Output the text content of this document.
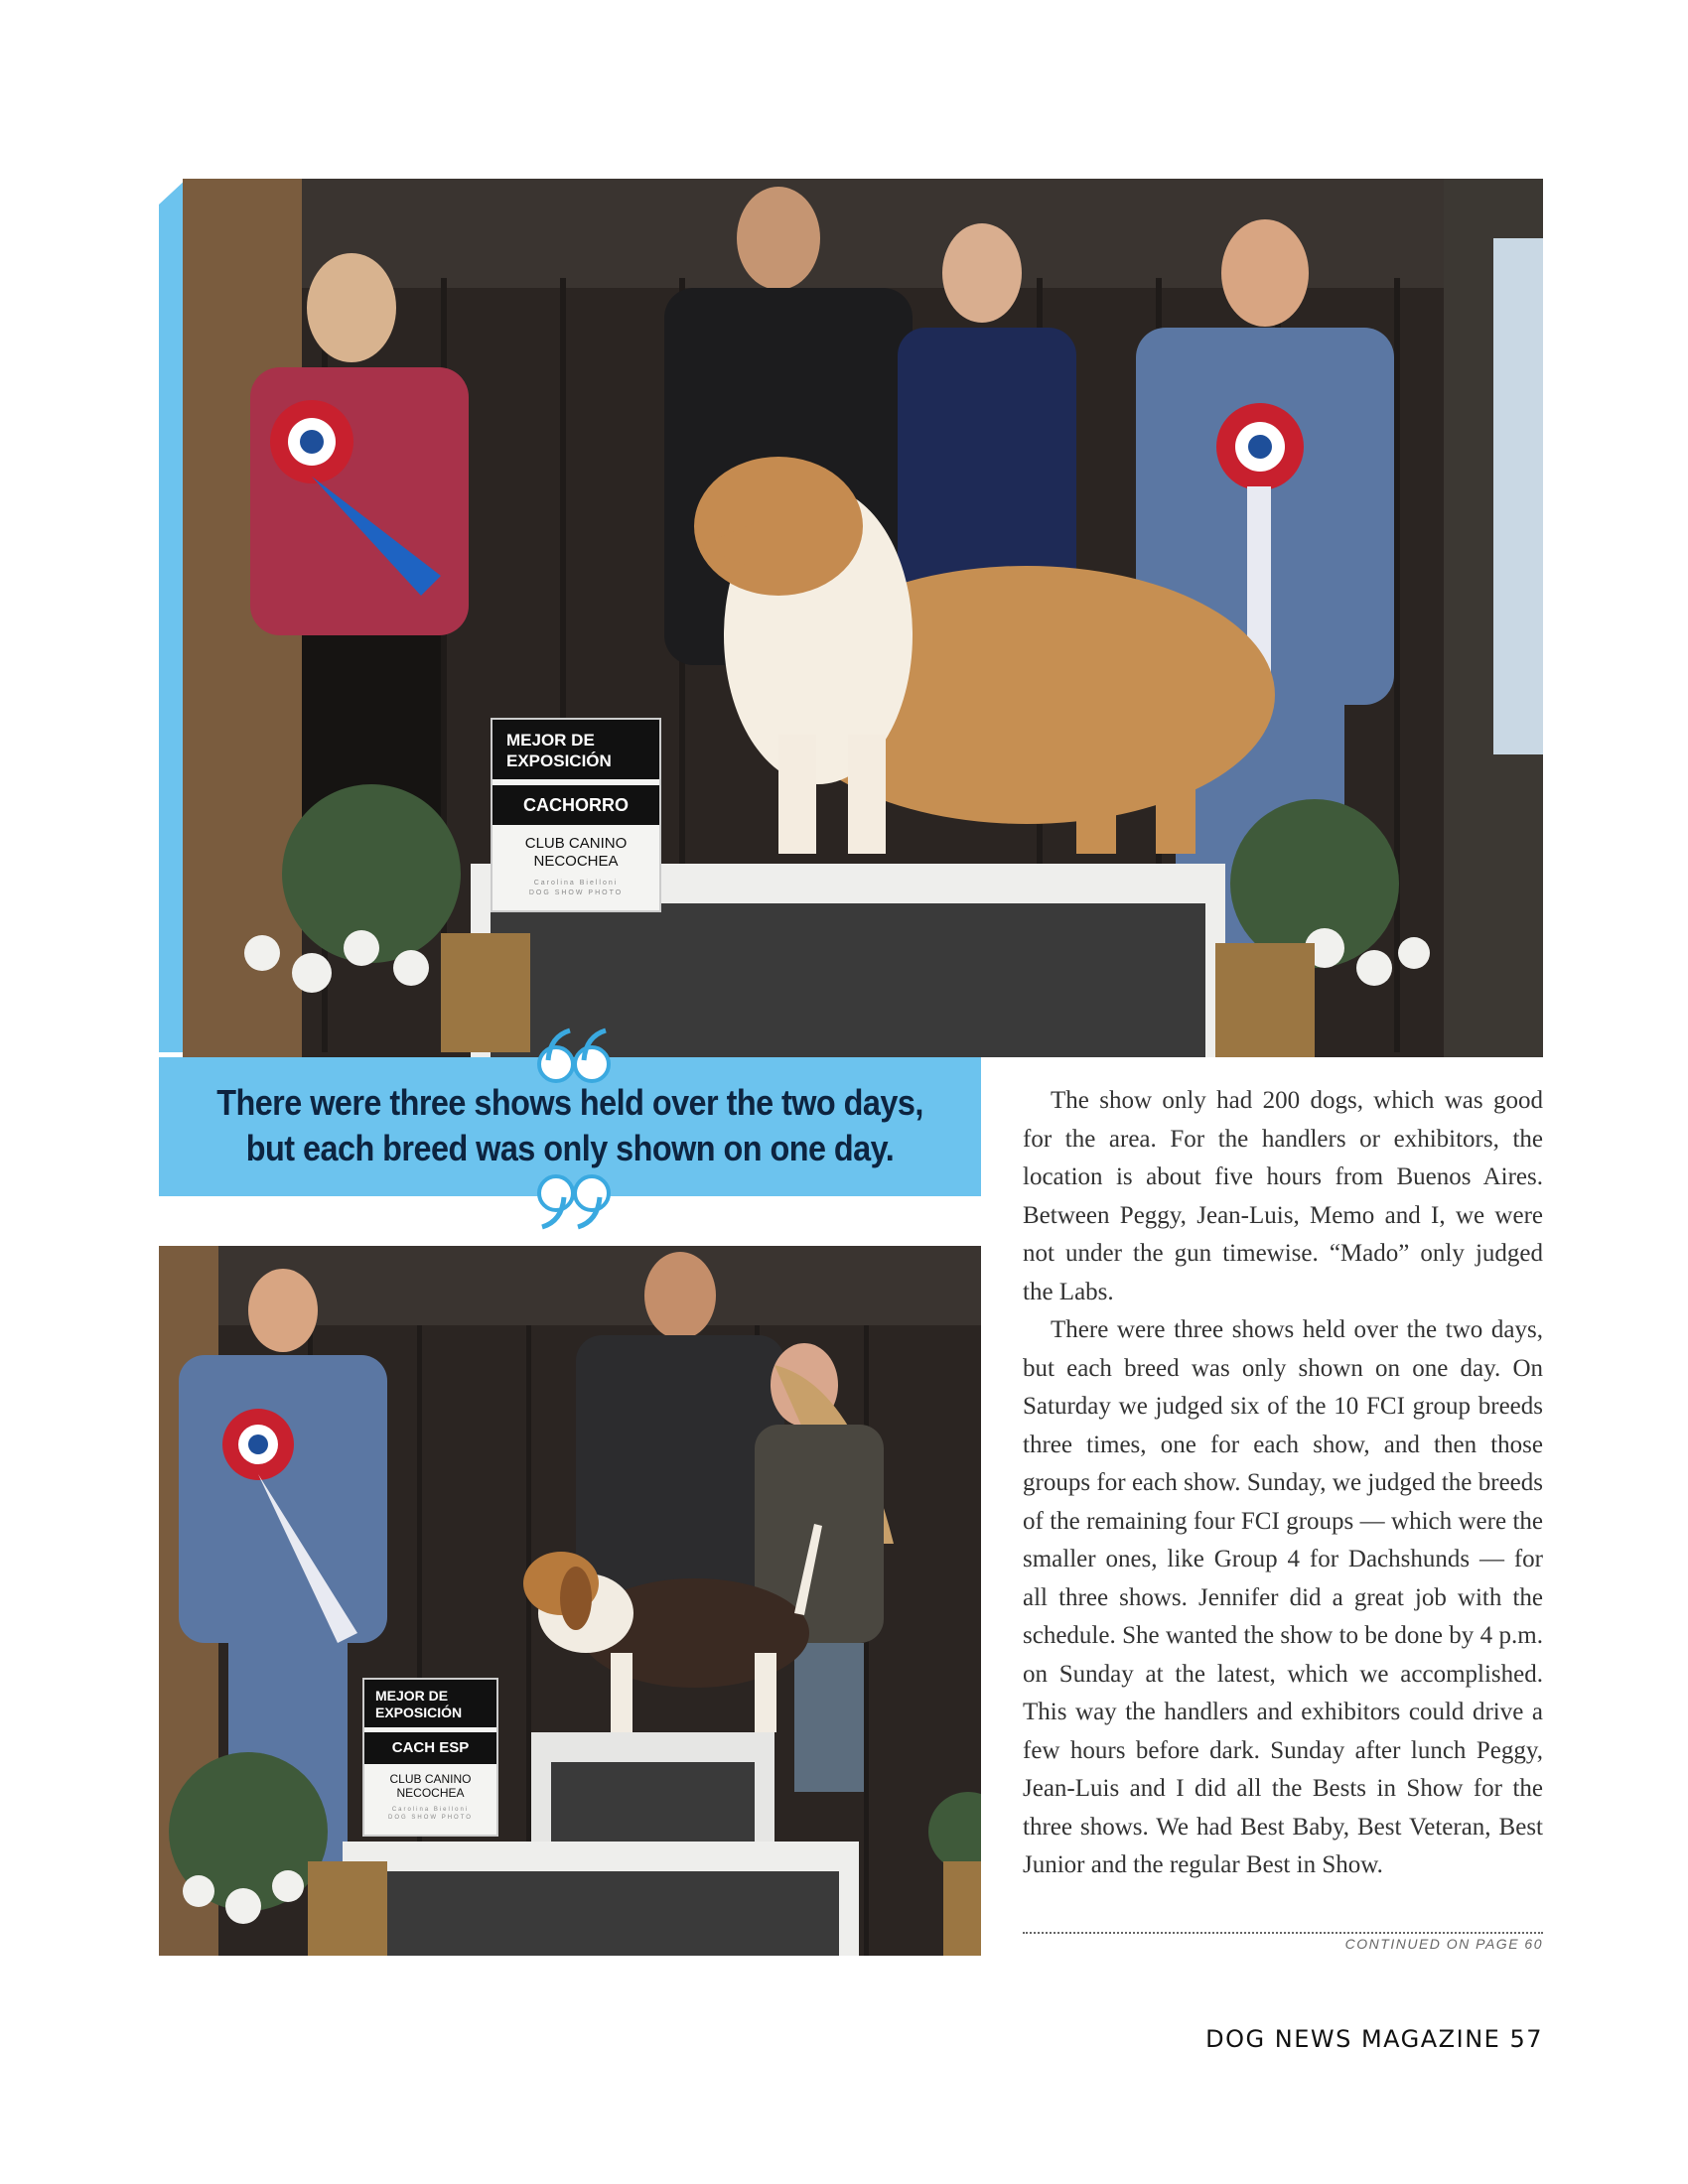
MEJOR DE
EXPOSICIÓN
CACHORRO
CLUB CANINO
NECOCHEA
Carolina Bielloni
DOG SHOW PHOTO
There were three shows held over the two days, but each breed was only shown on one day.
MEJOR DE
EXPOSICIÓN
CACH ESP
CLUB CANINO
NECOCHEA
Carolina Bielloni
DOG SHOW PHOTO

The show only had 200 dogs, which was good for the area. For the handlers or exhibitors, the location is about five hours from Buenos Aires. Between Peggy, Jean-Luis, Memo and I, we were not under the gun timewise. “Mado” only judged the Labs.

There were three shows held over the two days, but each breed was only shown on one day. On Saturday we judged six of the 10 FCI group breeds three times, one for each show, and then those groups for each show. Sunday, we judged the breeds of the remaining four FCI groups — which were the smaller ones, like Group 4 for Dachshunds — for all three shows. Jennifer did a great job with the schedule. She wanted the show to be done by 4 p.m. on Sunday at the latest, which we accomplished. This way the handlers and exhibitors could drive a few hours before dark. Sunday after lunch Peggy, Jean-Luis and I did all the Bests in Show for the three shows. We had Best Baby, Best Veteran, Best Junior and the regular Best in Show.

CONTINUED ON PAGE 60
DOG NEWS MAGAZINE 57
